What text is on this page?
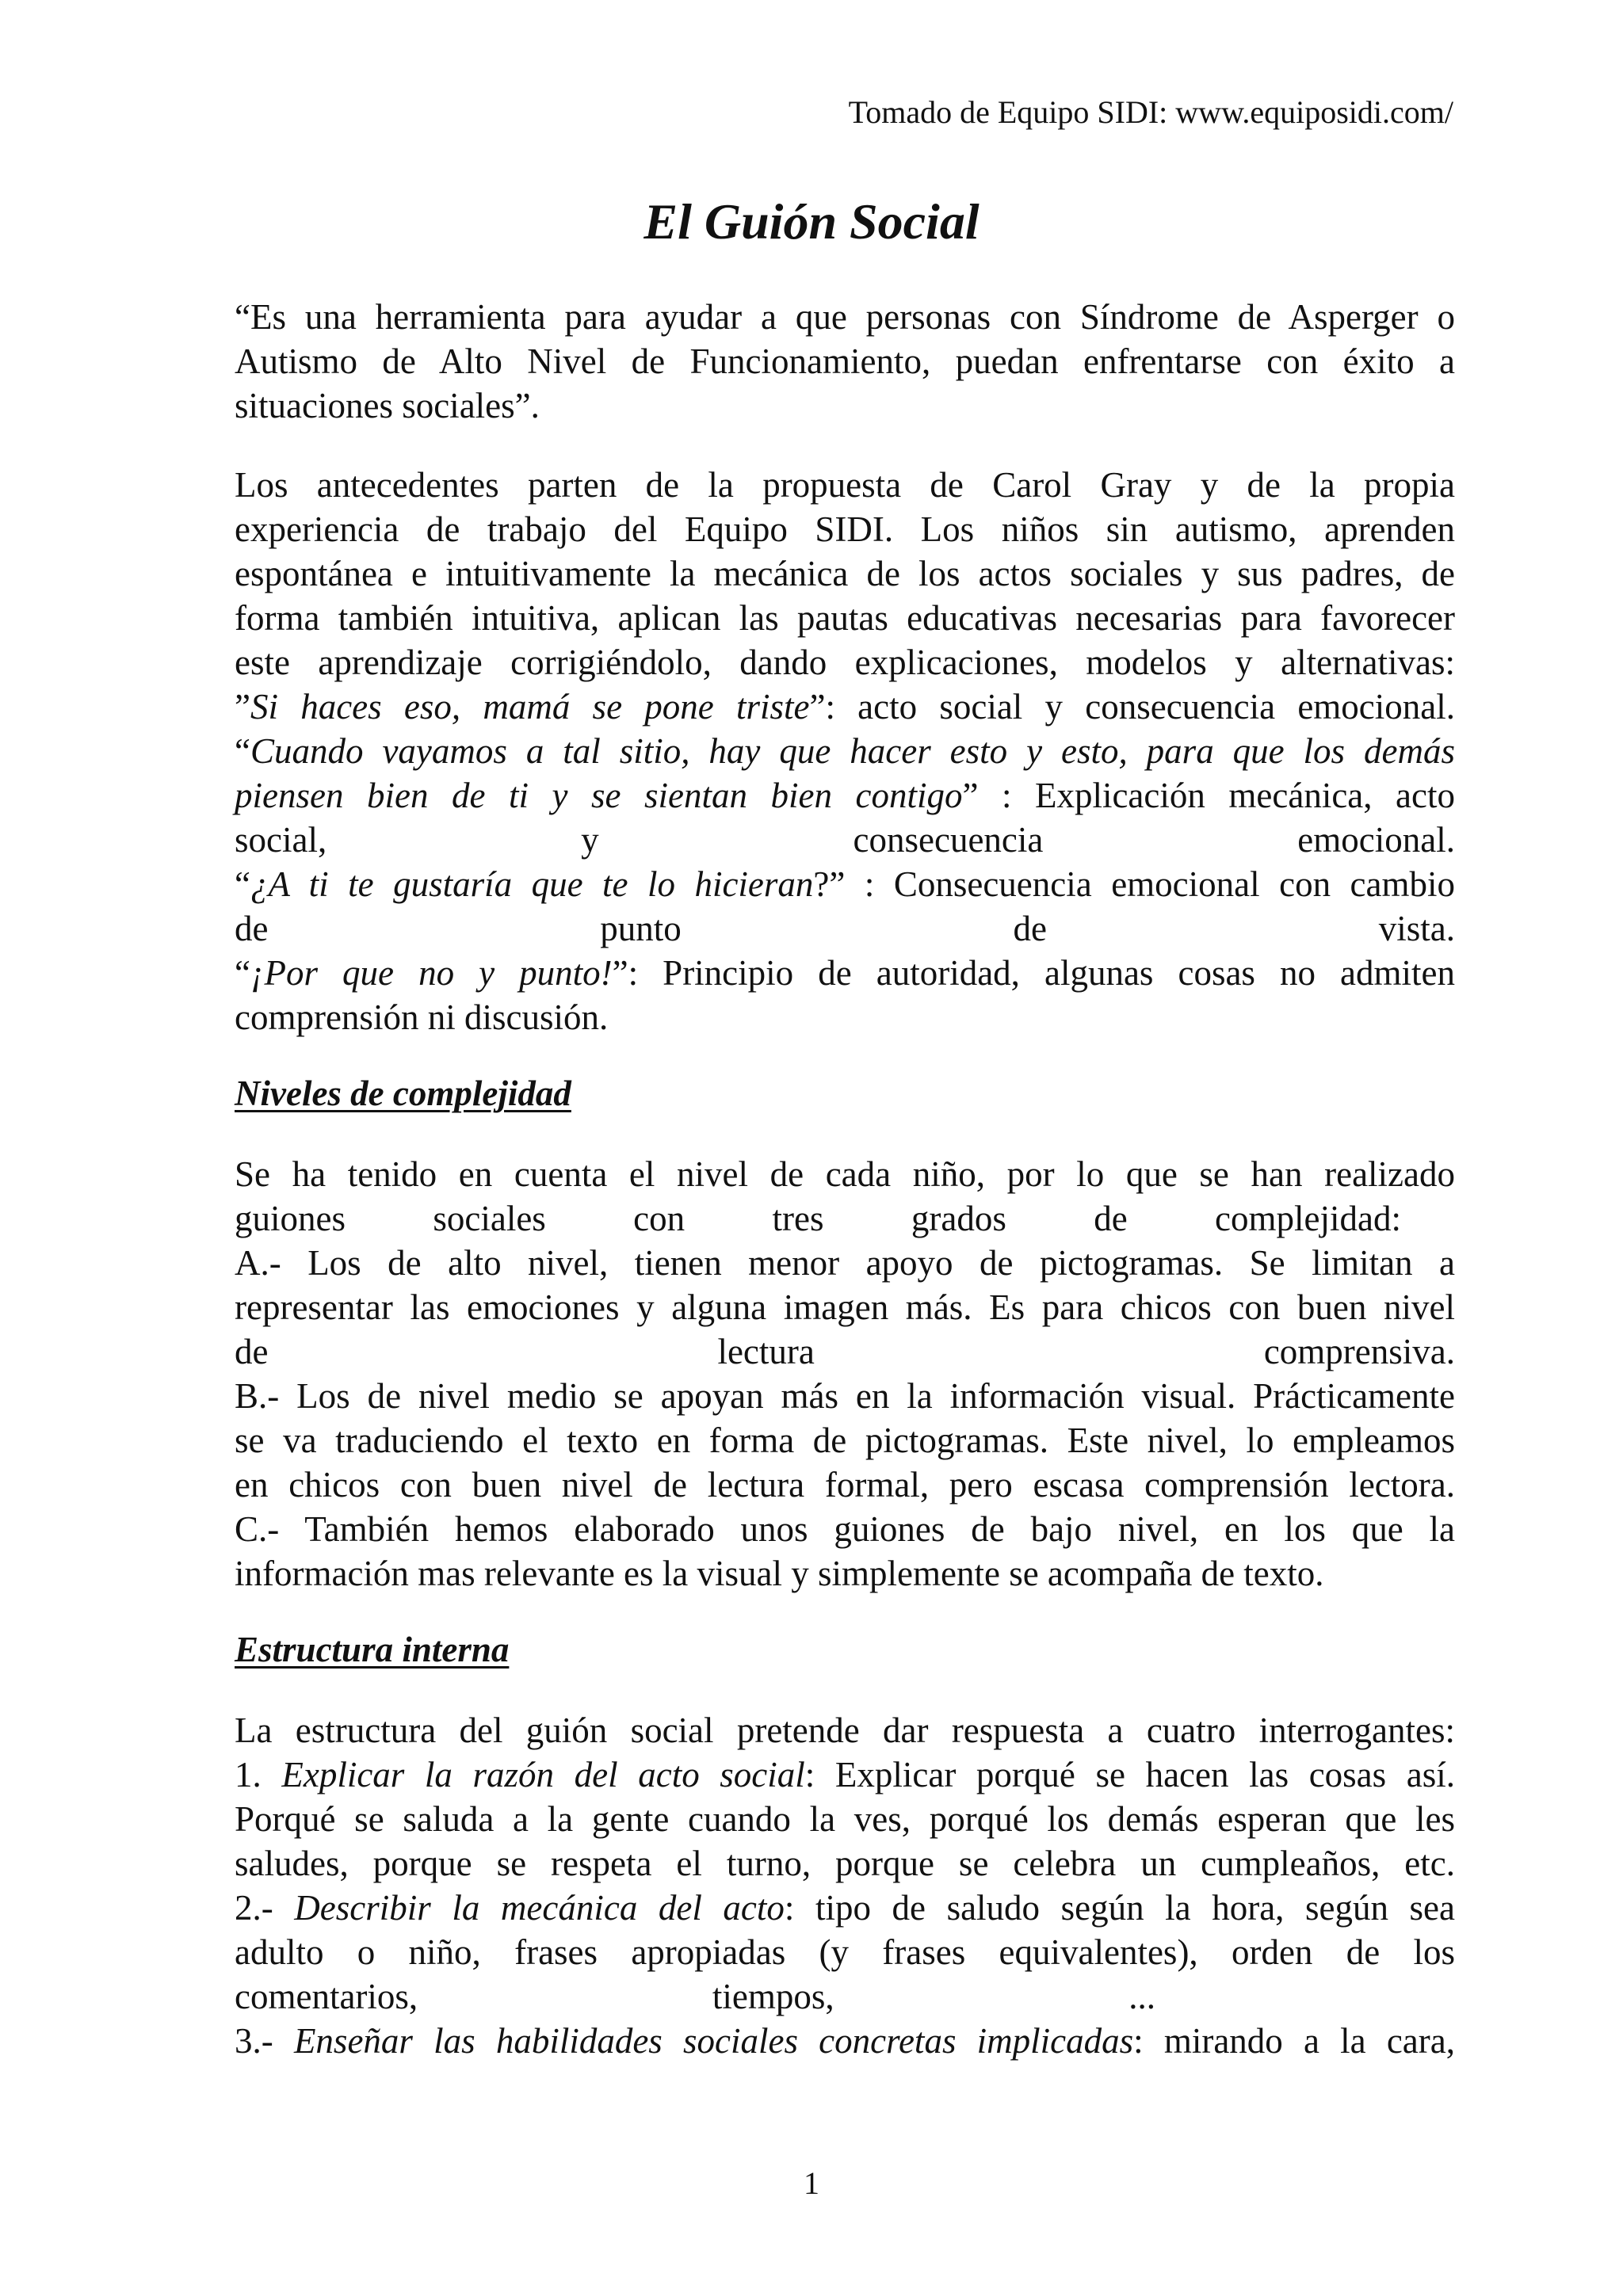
Tomado de Equipo SIDI: www.equiposidi.com/
El Guión Social
“Es una herramienta para ayudar a que personas con Síndrome de Asperger o
Autismo de Alto Nivel de Funcionamiento, puedan enfrentarse con éxito a
situaciones sociales”.
Los antecedentes parten de la propuesta de Carol Gray y de la propia
experiencia de trabajo del Equipo SIDI. Los niños sin autismo, aprenden
espontánea e intuitivamente la mecánica de los actos sociales y sus padres, de
forma también intuitiva, aplican las pautas educativas necesarias para favorecer
este aprendizaje corrigiéndolo, dando explicaciones, modelos y alternativas:
”Si haces eso, mamá se pone triste”: acto social y consecuencia emocional.
“Cuando vayamos a tal sitio, hay que hacer esto y esto, para que los demás
piensen bien de ti y se sientan bien contigo” : Explicación mecánica, acto
social,	y	consecuencia	emocional.
“¿A ti te gustaría que te lo hicieran?” : Consecuencia emocional con cambio
de	punto	de	vista.
“¡Por que no y punto!”: Principio de autoridad, algunas cosas no admiten
comprensión ni discusión.
Niveles de complejidad
Se ha tenido en cuenta el nivel de cada niño, por lo que se han realizado
guiones sociales con tres grados de complejidad:
A.- Los de alto nivel, tienen menor apoyo de pictogramas. Se limitan a
representar las emociones y alguna imagen más. Es para chicos con buen nivel
de	lectura	comprensiva.
B.- Los de nivel medio se apoyan más en la información visual. Prácticamente
se va traduciendo el texto en forma de pictogramas. Este nivel, lo empleamos
en chicos con buen nivel de lectura formal, pero escasa comprensión lectora.
C.- También hemos elaborado unos guiones de bajo nivel, en los que la
información mas relevante es la visual y simplemente se acompaña de texto.
Estructura interna
La estructura del guión social pretende dar respuesta a cuatro interrogantes:
1. Explicar la razón del acto social: Explicar porqué se hacen las cosas así.
Porqué se saluda a la gente cuando la ves, porqué los demás esperan que les
saludes, porque se respeta el turno, porque se celebra un cumpleaños, etc.
2.- Describir la mecánica del acto: tipo de saludo según la hora, según sea
adulto o niño, frases apropiadas (y frases equivalentes), orden de los
comentarios,	tiempos,	...
3.- Enseñar las habilidades sociales concretas implicadas: mirando a la cara,
1
